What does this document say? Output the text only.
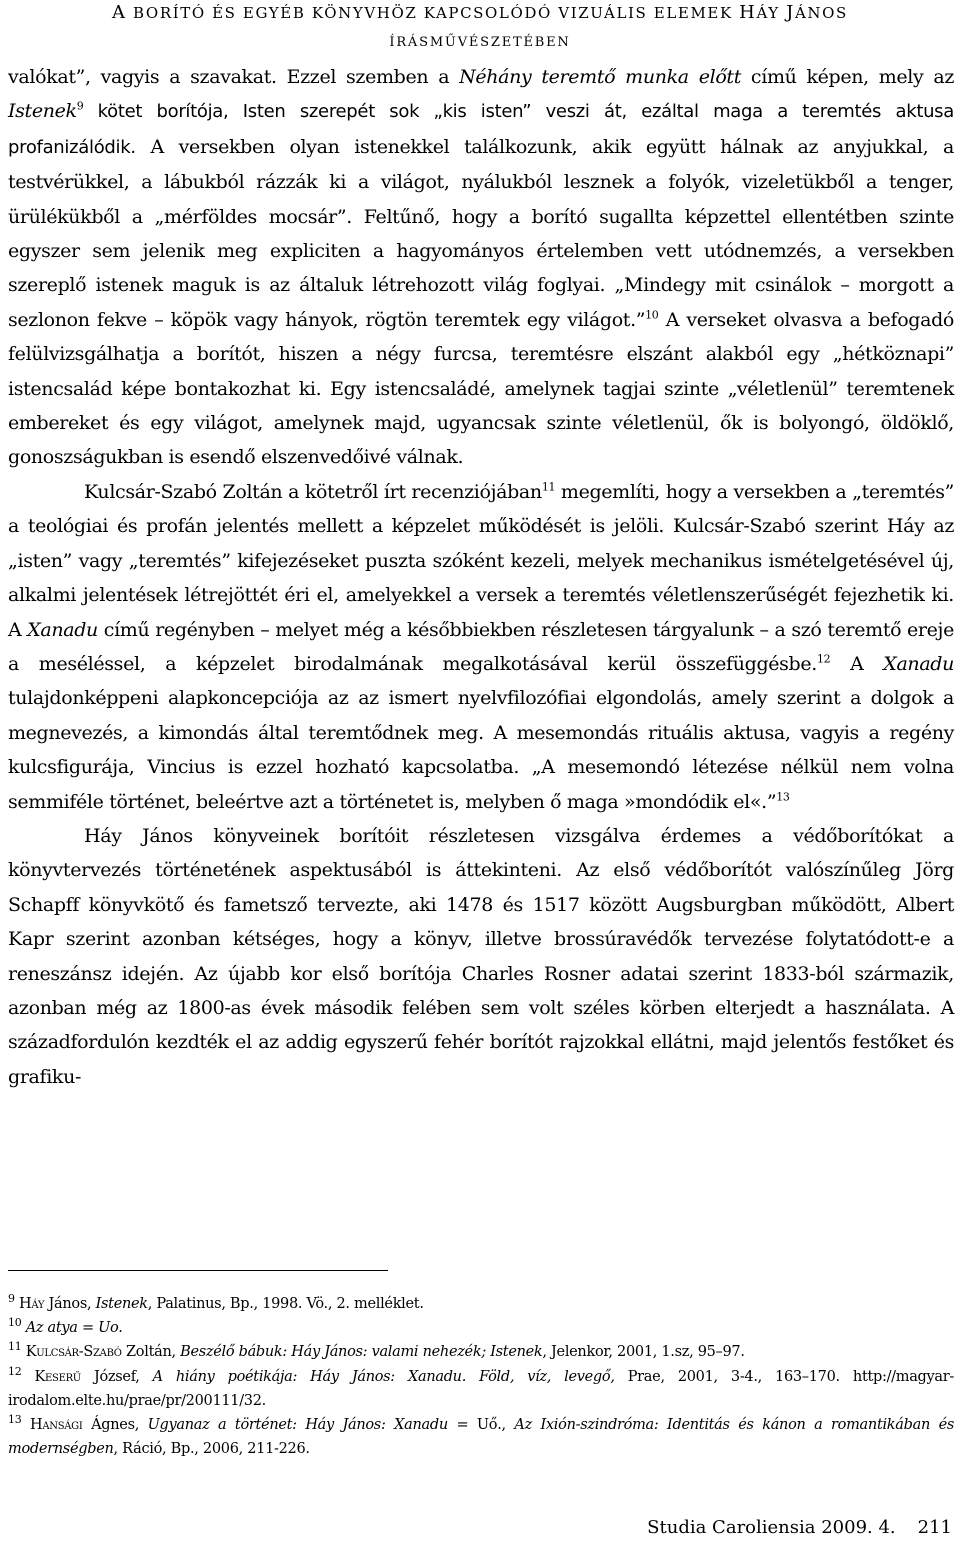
A BORÍTÓ ÉS EGYÉB KÖNYVHÖZ KAPCSOLÓDÓ VIZUÁLIS ELEMEK HÁY JÁNOS
ÍRÁSMŰVÉSZETÉBEN

valókat”, vagyis a szavakat. Ezzel szemben a Néhány teremtő munka előtt című képen, mely az Istenek$^9$ kötet borítója, Isten szerepét sok „kis isten” veszi át, ezáltal maga a teremtés aktusa profanizálódik. A versekben olyan istenekkel találkozunk, akik együtt hálnak az anyjukkal, a testvérükkel, a lábukból rázzák ki a világot, nyálukból lesznek a folyók, vizeletükből a tenger, ürülékükből a „mérföldes mocsár”. Feltűnő, hogy a borító sugallta képzettel ellentétben szinte egyszer sem jelenik meg expliciten a hagyományos értelemben vett utódnemzés, a versekben szereplő istenek maguk is az általuk létrehozott világ foglyai. „Mindegy mit csinálok – morgott a sezlonon fekve – köpök vagy hányok, rögtön teremtek egy világot.”$^{10}$ A verseket olvasva a befogadó felülvizsgálhatja a borítót, hiszen a négy furcsa, teremtésre elszánt alakból egy „hétköznapi” istencsalád képe bontakozhat ki. Egy istencsaládé, amelynek tagjai szinte „véletlenül” teremtenek embereket és egy világot, amelynek majd, ugyancsak szinte véletlenül, ők is bolyongó, öldöklő, gonoszságukban is esendő elszenvedőivé válnak.

Kulcsár-Szabó Zoltán a kötetről írt recenziójában$^{11}$ megemlíti, hogy a versekben a „teremtés” a teológiai és profán jelentés mellett a képzelet működését is jelöli. Kulcsár-Szabó szerint Háy az „isten” vagy „teremtés” kifejezéseket puszta szóként kezeli, melyek mechanikus ismételgetésével új, alkalmi jelentések létrejöttét éri el, amelyekkel a versek a teremtés véletlenszerűségét fejezhetik ki. A Xanadu című regényben – melyet még a későbbiekben részletesen tárgyalunk – a szó teremtő ereje a meséléssel, a képzelet birodalmának megalkotásával kerül összefüggésbe.$^{12}$ A Xanadu tulajdonképpeni alapkoncepciója az az ismert nyelvfilozófiai elgondolás, amely szerint a dolgok a megnevezés, a kimondás által teremtődnek meg. A mesemondás rituális aktusa, vagyis a regény kulcsfigurája, Vincius is ezzel hozható kapcsolatba. „A mesemondó létezése nélkül nem volna semmiféle történet, beleértve azt a történetet is, melyben ő maga »mondódik el«.”$^{13}$

Háy János könyveinek borítóit részletesen vizsgálva érdemes a védőborítókat a könyvtervezés történetének aspektusából is áttekinteni. Az első védőborítót valószínűleg Jörg Schapff könyvkötő és fametsző tervezte, aki 1478 és 1517 között Augsburgban működött, Albert Kapr szerint azonban kétséges, hogy a könyv, illetve brossúravédők tervezése folytatódott-e a reneszánsz idején. Az újabb kor első borítója Charles Rosner adatai szerint 1833-ból származik, azonban még az 1800-as évek második felében sem volt széles körben elterjedt a használata. A századfordulón kezdték el az addig egyszerű fehér borítót rajzokkal ellátni, majd jelentős festőket és grafiku-

$^9$ Háy János, Istenek, Palatinus, Bp., 1998. Vö., 2. melléklet.

$^{10}$ Az atya = Uo.

$^{11}$ Kulcsár-Szabó Zoltán, Beszélő bábuk: Háy János: valami nehezék; Istenek, Jelenkor, 2001, 1.sz, 95–97.

$^{12}$ Keserű József, A hiány poétikája: Háy János: Xanadu. Föld, víz, levegő, Prae, 2001, 3-4., 163–170. http://magyar-irodalom.elte.hu/prae/pr/200111/32.

$^{13}$ Hansági Ágnes, Ugyanaz a történet: Háy János: Xanadu = Uő., Az Ixión-szindróma: Identitás és kánon a romantikában és modernségben, Ráció, Bp., 2006, 211-226.

Studia Caroliensia 2009. 4. 211
